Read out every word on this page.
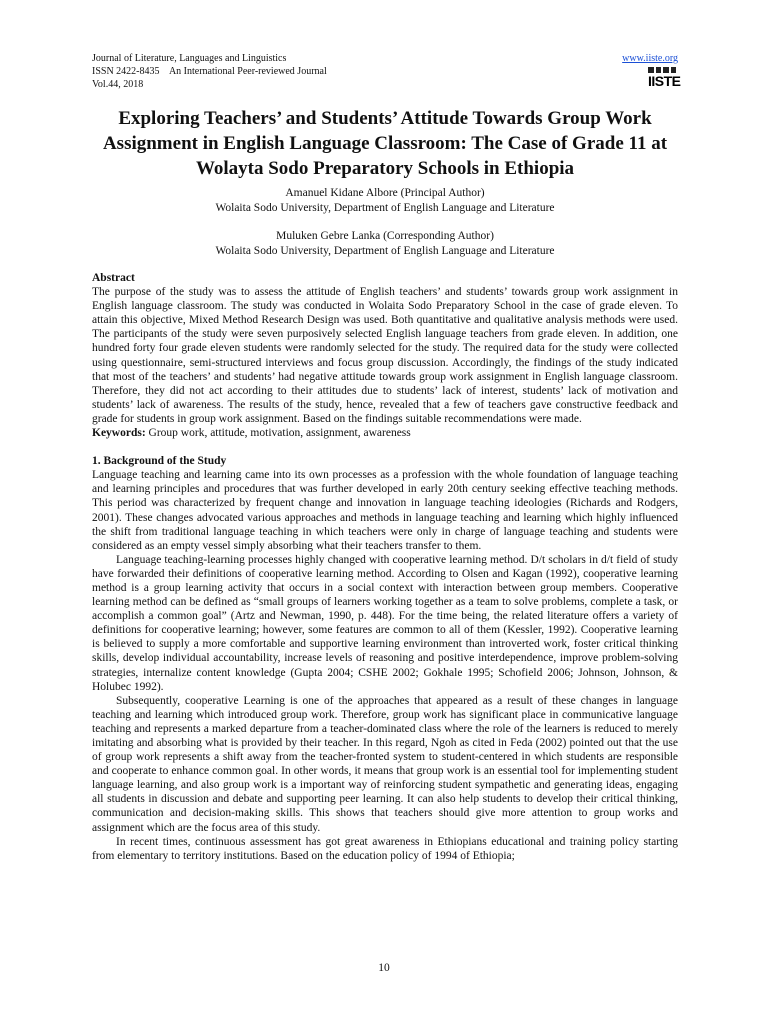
Journal of Literature, Languages and Linguistics
ISSN 2422-8435    An International Peer-reviewed Journal
Vol.44, 2018
www.iiste.org
IISTE
Exploring Teachers’ and Students’ Attitude Towards Group Work Assignment in English Language Classroom: The Case of Grade 11 at Wolayta Sodo Preparatory Schools in Ethiopia
Amanuel Kidane Albore (Principal Author)
Wolaita Sodo University, Department of English Language and Literature
Muluken Gebre Lanka (Corresponding Author)
Wolaita Sodo University, Department of English Language and Literature

Abstract

The purpose of the study was to assess the attitude of English teachers’ and students’ towards group work assignment in English language classroom. The study was conducted in Wolaita Sodo Preparatory School in the case of grade eleven. To attain this objective, Mixed Method Research Design was used. Both quantitative and qualitative analysis methods were used. The participants of the study were seven purposively selected English language teachers from grade eleven. In addition, one hundred forty four grade eleven students were randomly selected for the study. The required data for the study were collected using questionnaire, semi-structured interviews and focus group discussion. Accordingly, the findings of the study indicated that most of the teachers’ and students’ had negative attitude towards group work assignment in English language classroom. Therefore, they did not act according to their attitudes due to students’ lack of interest, students’ lack of motivation and students’ lack of awareness. The results of the study, hence, revealed that a few of teachers gave constructive feedback and grade for students in group work assignment. Based on the findings suitable recommendations were made.

Keywords: Group work, attitude, motivation, assignment, awareness

1. Background of the Study

Language teaching and learning came into its own processes as a profession with the whole foundation of language teaching and learning principles and procedures that was further developed in early 20th century seeking effective teaching methods. This period was characterized by frequent change and innovation in language teaching ideologies (Richards and Rodgers, 2001). These changes advocated various approaches and methods in language teaching and learning which highly influenced the shift from traditional language teaching in which teachers were only in charge of language teaching and students were considered as an empty vessel simply absorbing what their teachers transfer to them.

Language teaching-learning processes highly changed with cooperative learning method. D/t scholars in d/t field of study have forwarded their definitions of cooperative learning method. According to Olsen and Kagan (1992), cooperative learning method is a group learning activity that occurs in a social context with interaction between group members. Cooperative learning method can be defined as “small groups of learners working together as a team to solve problems, complete a task, or accomplish a common goal” (Artz and Newman, 1990, p. 448). For the time being, the related literature offers a variety of definitions for cooperative learning; however, some features are common to all of them (Kessler, 1992). Cooperative learning is believed to supply a more comfortable and supportive learning environment than introverted work, foster critical thinking skills, develop individual accountability, increase levels of reasoning and positive interdependence, improve problem-solving strategies, internalize content knowledge (Gupta 2004; CSHE 2002; Gokhale 1995; Schofield 2006; Johnson, Johnson, & Holubec 1992).

Subsequently, cooperative Learning is one of the approaches that appeared as a result of these changes in language teaching and learning which introduced group work. Therefore, group work has significant place in communicative language teaching and represents a marked departure from a teacher-dominated class where the role of the learners is reduced to merely imitating and absorbing what is provided by their teacher. In this regard, Ngoh as cited in Feda (2002) pointed out that the use of group work represents a shift away from the teacher-fronted system to student-centered in which students are responsible and cooperate to enhance common goal. In other words, it means that group work is an essential tool for implementing student language learning, and also group work is a important way of reinforcing student sympathetic and generating ideas, engaging all students in discussion and debate and supporting peer learning. It can also help students to develop their critical thinking, communication and decision-making skills. This shows that teachers should give more attention to group works and assignment which are the focus area of this study.

In recent times, continuous assessment has got great awareness in Ethiopians educational and training policy starting from elementary to territory institutions. Based on the education policy of 1994 of Ethiopia;

10
